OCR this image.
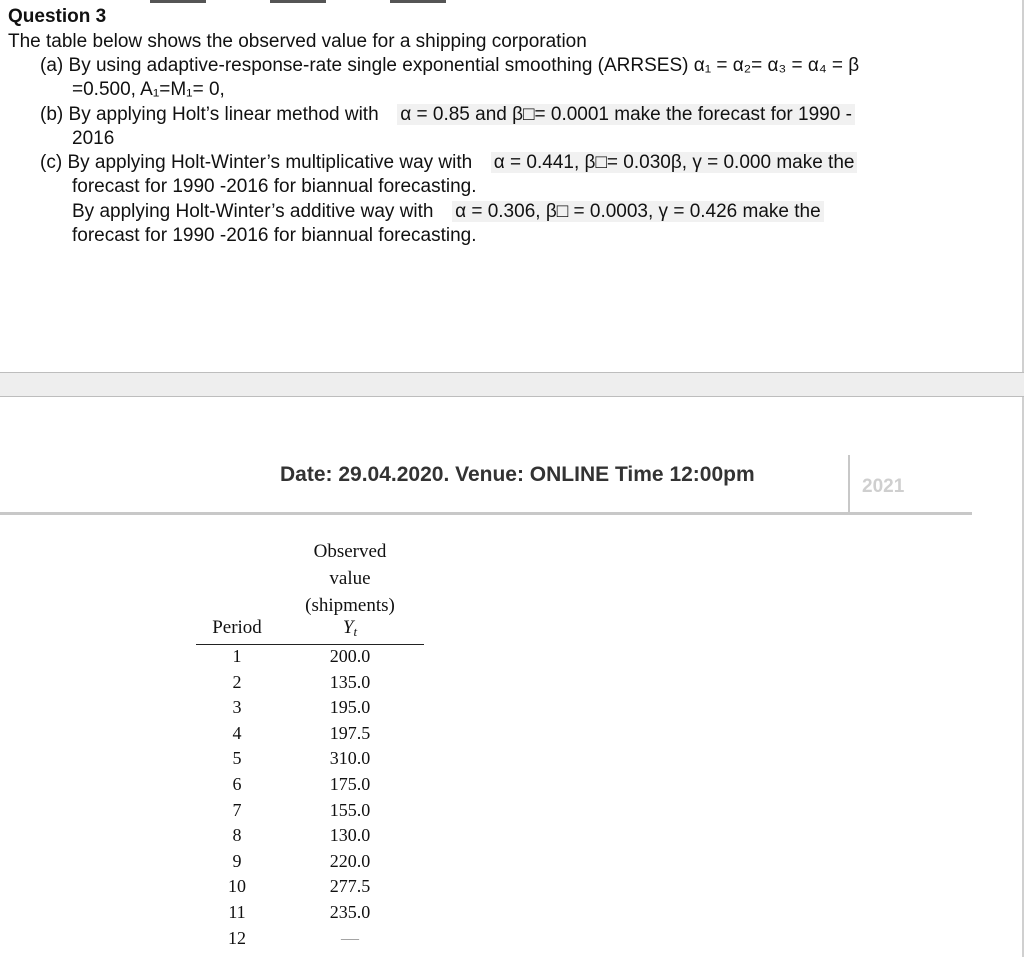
Question 3
The table below shows the observed value for a shipping corporation
(a) By using adaptive-response-rate single exponential smoothing (ARRSES) α₁ = α₂= α₃ = α₄ = β
=0.500, A₁=M₁= 0,
(b) By applying Holt’s linear method with α = 0.85 and β□= 0.0001 make the forecast for 1990 -
2016
(c) By applying Holt-Winter’s multiplicative way with α = 0.441, β□= 0.030β, γ = 0.000 make the
forecast for 1990 -2016 for biannual forecasting.
By applying Holt-Winter’s additive way with α = 0.306, β□ = 0.0003, γ = 0.426 make the
forecast for 1990 -2016 for biannual forecasting.
Date: 29.04.2020. Venue: ONLINE Time 12:00pm
2021
Observed
value
(shipments)
Period	$Y_t$
1	200.0
2	135.0
3	195.0
4	197.5
5	310.0
6	175.0
7	155.0
8	130.0
9	220.0
10	277.5
11	235.0
12	—
